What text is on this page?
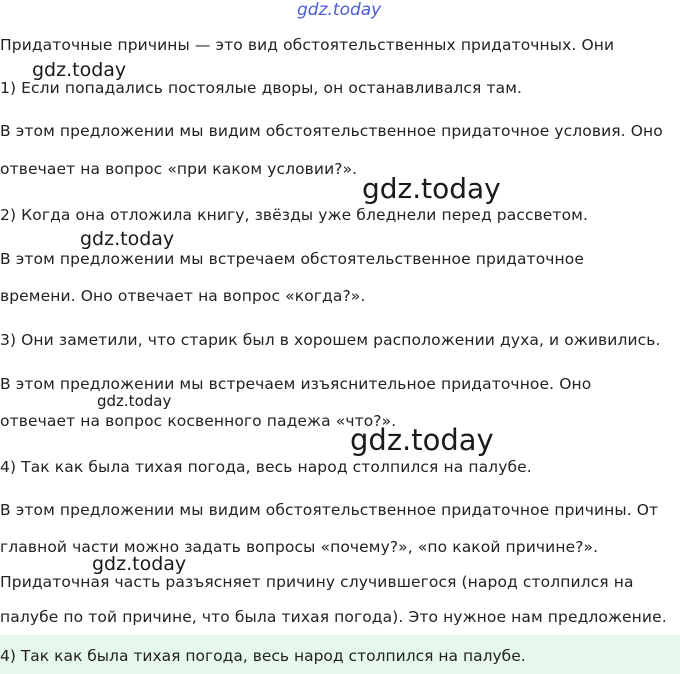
gdz.today
Придаточные причины — это вид обстоятельственных придаточных. Они
1) Если попадались постоялые дворы, он останавливался там.
В этом предложении мы видим обстоятельственное придаточное условия. Оно
отвечает на вопрос «при каком условии?».
2) Когда она отложила книгу, звёзды уже бледнели перед рассветом.
В этом предложении мы встречаем обстоятельственное придаточное
времени. Оно отвечает на вопрос «когда?».
3) Они заметили, что старик был в хорошем расположении духа, и оживились.
В этом предложении мы встречаем изъяснительное придаточное. Оно
отвечает на вопрос косвенного падежа «что?».
4) Так как была тихая погода, весь народ столпился на палубе.
В этом предложении мы видим обстоятельственное придаточное причины. От
главной части можно задать вопросы «почему?», «по какой причине?».
Придаточная часть разъясняет причину случившегося (народ столпился на
палубе по той причине, что была тихая погода). Это нужное нам предложение.
4) Так как была тихая погода, весь народ столпился на палубе.
gdz.today
gdz.today
gdz.today
gdz.today
gdz.today
gdz.today
